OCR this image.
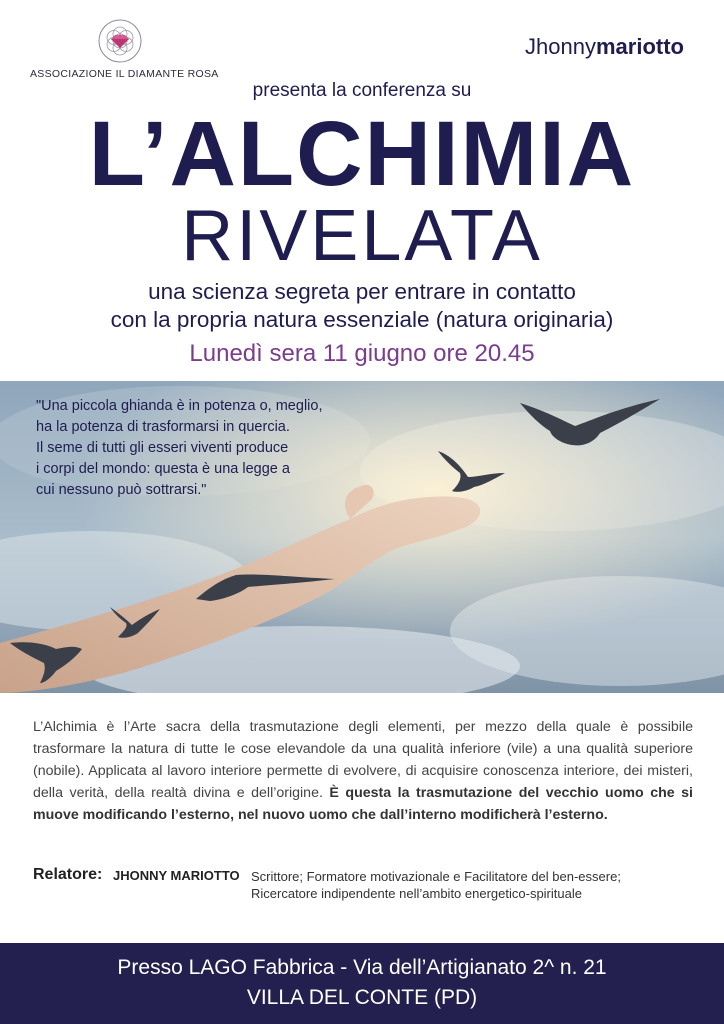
ASSOCIAZIONE IL DIAMANTE ROSA
Jhonnymariotto
presenta la conferenza su
L’ALCHIMIA
RIVELATA
una scienza segreta per entrare in contatto
con la propria natura essenziale (natura originaria)
Lunedì sera 11 giugno ore 20.45
"Una piccola ghianda è in potenza o, meglio,
ha la potenza di trasformarsi in quercia.
Il seme di tutti gli esseri viventi produce
i corpi del mondo: questa è una legge a
cui nessuno può sottrarsi."
L’Alchimia è l’Arte sacra della trasmutazione degli elementi, per mezzo della quale è possibile trasformare la natura di tutte le cose elevandole da una qualità inferiore (vile) a una qualità superiore (nobile). Applicata al lavoro interiore permette di evolvere, di acquisire conoscenza interiore, dei misteri, della verità, della realtà divina e dell’origine. È questa la trasmutazione del vecchio uomo che si muove modificando l’esterno, nel nuovo uomo che dall’interno modificherà l’esterno.
Relatore: JHONNY MARIOTTO Scrittore; Formatore motivazionale e Facilitatore del ben-essere;
Ricercatore indipendente nell’ambito energetico-spirituale
Presso LAGO Fabbrica - Via dell’Artigianato 2^ n. 21
VILLA DEL CONTE (PD)
